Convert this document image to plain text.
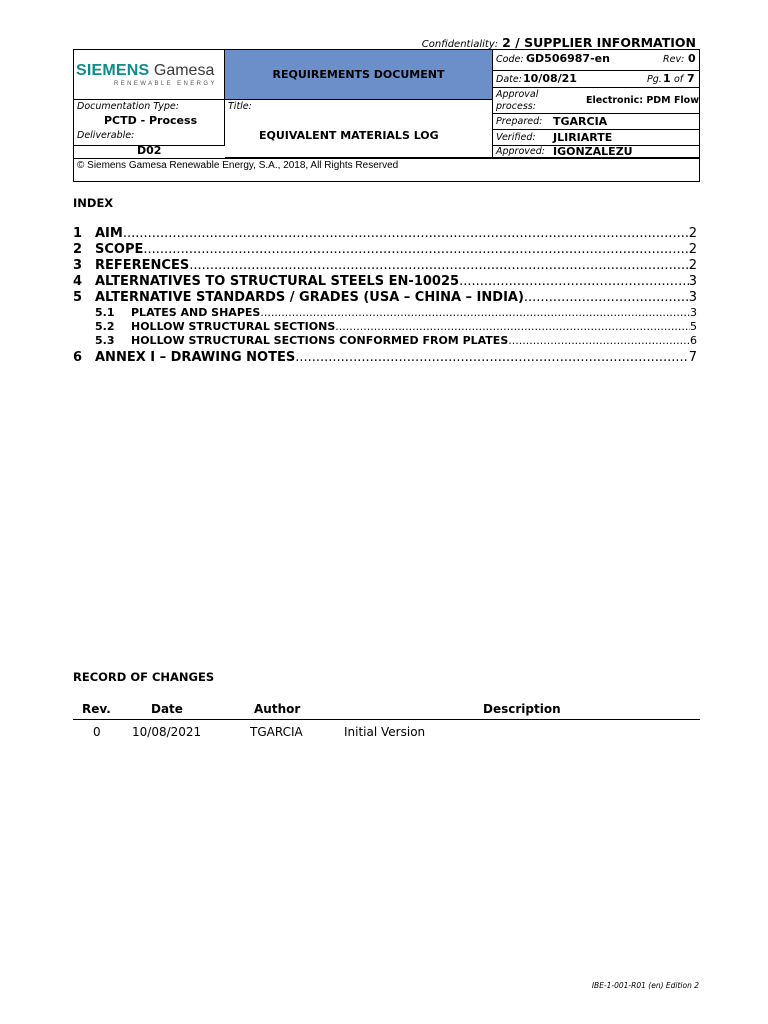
Confidentiality: 2 / SUPPLIER INFORMATION
SIEMENS Gamesa
RENEWABLE ENERGY
REQUIREMENTS DOCUMENT
Code: GD506987-en	Rev: 0
Date: 10/08/21	Pg. 1 of 7
Approval process:
Electronic: PDM Flow
Prepared: TGARCIA
Verified: JLIRIARTE
Approved: IGONZALEZU
Documentation Type:
PCTD - Process
Deliverable:
D02
Title:
EQUIVALENT MATERIALS LOG
© Siemens Gamesa Renewable Energy, S.A., 2018, All Rights Reserved
INDEX
1 AIM .....	2
2 SCOPE .....	2
3 REFERENCES .....	2
4 ALTERNATIVES TO STRUCTURAL STEELS EN-10025 .....	3
5 ALTERNATIVE STANDARDS / GRADES (USA – CHINA – INDIA) .....	3
5.1	PLATES AND SHAPES .....	3
5.2	HOLLOW STRUCTURAL SECTIONS .....	5
5.3	HOLLOW STRUCTURAL SECTIONS CONFORMED FROM PLATES .....	6
6 ANNEX I – DRAWING NOTES .....	7
RECORD OF CHANGES
Rev.	Date	Author	Description
0	10/08/2021	TGARCIA	Initial Version
IBE-1-001-R01 (en) Edition 2
